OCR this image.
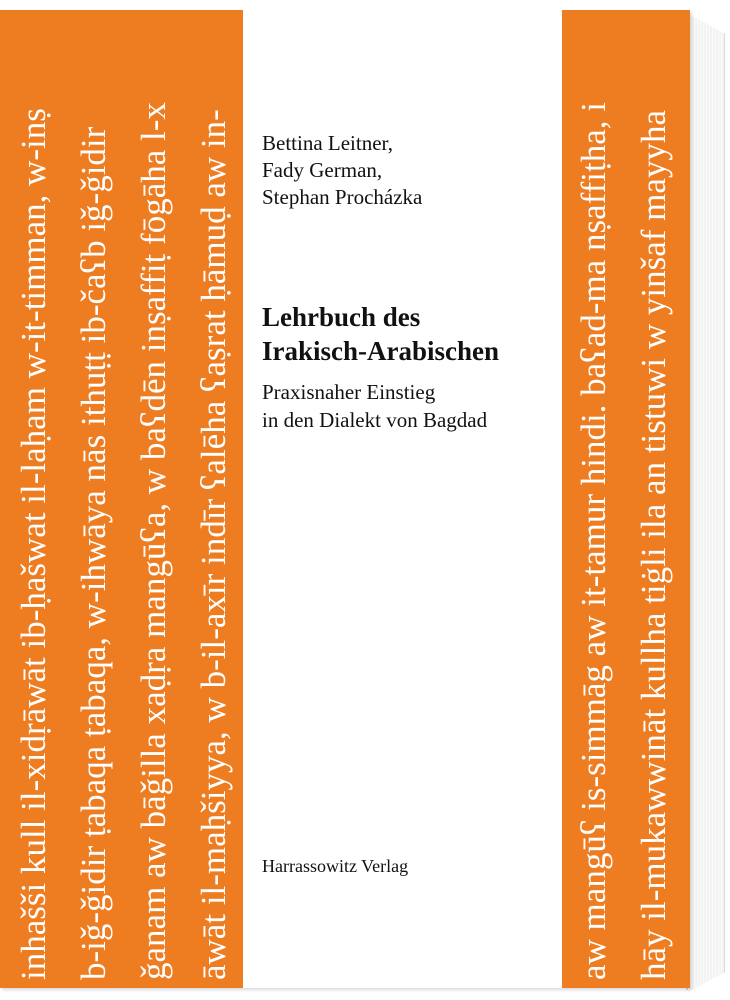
inhašši kull il-xidṛāwāt ib-ḥašwat il-laḥam w-it-timman, w-inṣ b-iǧ-ǧidir ṭabaqa ṭabaqa, w-ihwāya nās ithuṭṭ ib-čaʕb iǧ-ǧidir ǧanam aw bāǧilla xaḍṛa mangūʕa, w baʕdēn inṣaffiṭ fōgāha l-x āwāt il-maḥšiyya, w b-il-axīr indīr ʕalēha ʕaṣrat ḥāmuḍ aw in-	aw mangūʕ is-simmāg aw it-tamur hindi. baʕad-ma nṣaffiṭha, i hāy il-mukawwināt kullha tiġli ila an tistuwi w yinšaf mayyha
Bettina Leitner,
Fady German,
Stephan Procházka
Lehrbuch des
Irakisch-Arabischen
Praxisnaher Einstieg
in den Dialekt von Bagdad
Harrassowitz Verlag
